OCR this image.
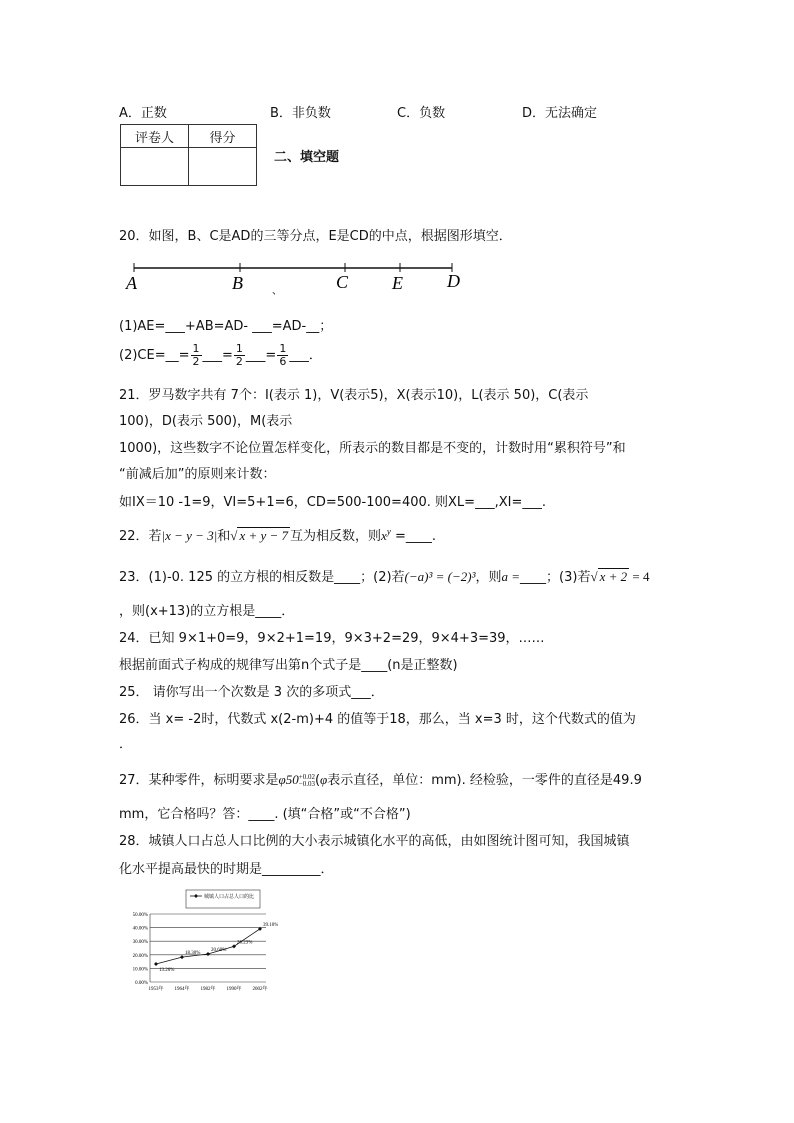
A．正数	B．非负数	C．负数	D．无法确定
评卷人	得分

二、填空题
20．如图，B、C是AD的三等分点，E是CD的中点，根据图形填空．
A	B	C E D
、
(1)AE=___+AB=AD- ___=AD-__；
(2)CE=__= $\frac{1}{2}$ ___= $\frac{1}{2}$ ___= $\frac{1}{6}$ ___．
21．罗马数字共有 7个：I(表示 1)，V(表示5)，X(表示10)，L(表示 50)，C(表示
100)，D(表示 500)，M(表示
1000)，这些数字不论位置怎样变化，所表示的数目都是不变的，计数时用“累积符号”和
“前减后加”的原则来计数：
如IX＝10 -1=9，VI=5+1=6，CD=500-100=400. 则XL=___,XI=___.
22．若|x − y − 3|和√ x + y − 7 互为相反数，则$x^y$ =____.
23．(1)-0. 125 的立方根的相反数是____；(2)若(−a)³ = (−2)³，则a =____；(3)若√ x + 2 = 4
，则(x+13)的立方根是____．
24．已知 9×1+0=9，9×2+1=19，9×3+2=29，9×4+3=39，……
根据前面式子构成的规律写出第n个式子是____(n是正整数)
25． 请你写出一个次数是 3 次的多项式___．
26．当 x= -2时，代数式 x(2-m)+4 的值等于18，那么，当 x=3 时，这个代数式的值为
．
27．某种零件，标明要求是φ50 +0.02
−0.03 (φ表示直径，单位：mm). 经检验，一零件的直径是49.9
mm，它合格吗？答：____. (填“合格”或“不合格”)
28．城镇人口占总人口比例的大小表示城镇化水平的高低，由如图统计图可知，我国城镇
化水平提高最快的时期是_________．
0.00%
10.00%
20.00%
30.00%
40.00%
50.00%
1953年 1964年 1982年 1990年 2002年
13.26%
18.30%
20.60%
26.23%
39.10%
城镇人口占总人口的比
